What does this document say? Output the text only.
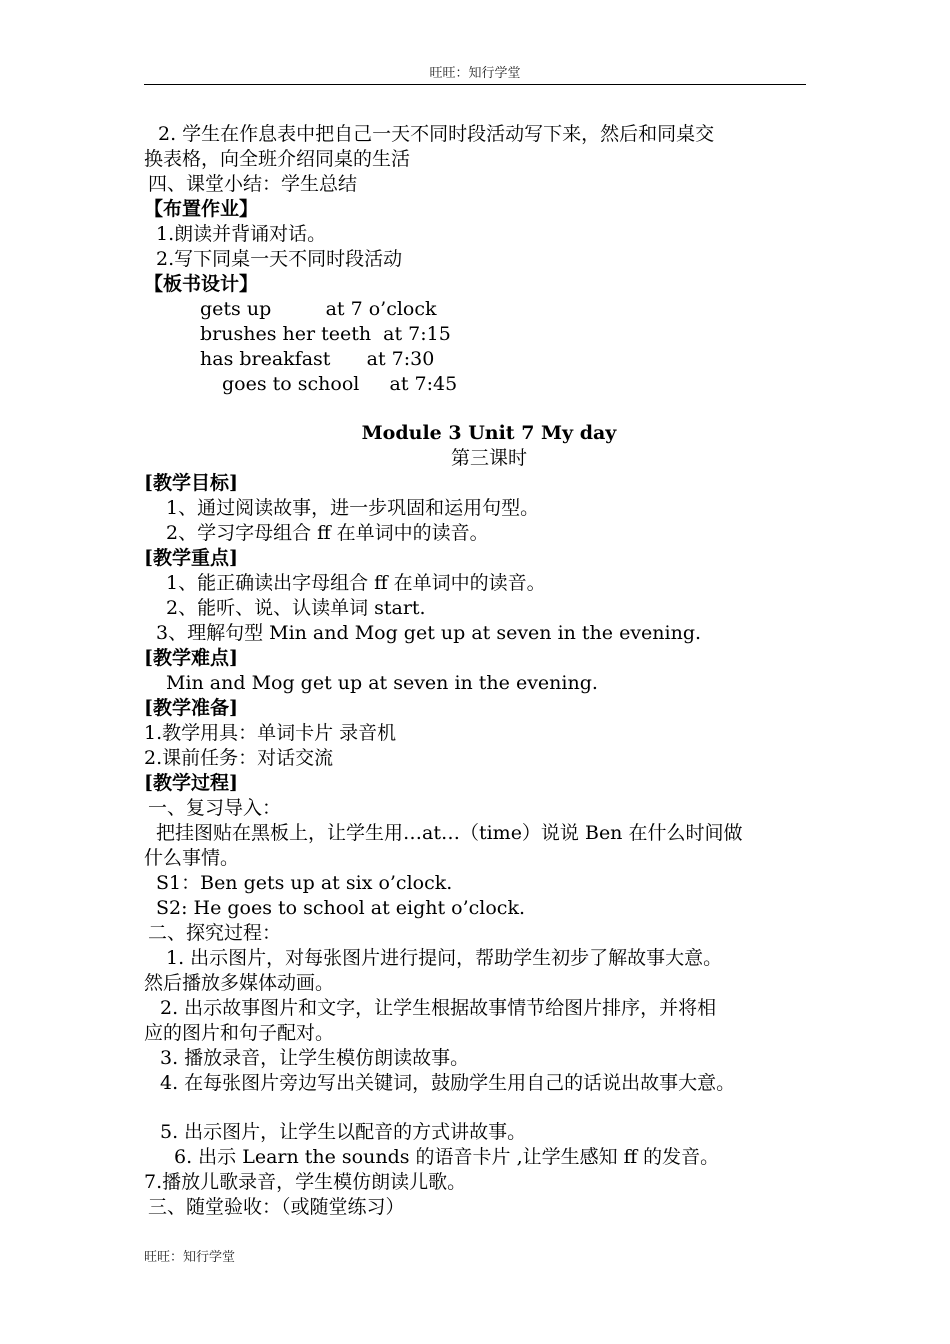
旺旺：知行学堂
2. 学生在作息表中把自己一天不同时段活动写下来，然后和同桌交
换表格，向全班介绍同桌的生活
四、课堂小结：学生总结
【布置作业】
1.朗读并背诵对话。
2.写下同桌一天不同时段活动
【板书设计】
gets up         at 7 o’clock
brushes her teeth  at 7:15
has breakfast      at 7:30
goes to school     at 7:45
Module 3 Unit 7 My day
第三课时
[教学目标]
1、通过阅读故事，进一步巩固和运用句型。
2、学习字母组合 ff 在单词中的读音。
[教学重点]
1、能正确读出字母组合 ff 在单词中的读音。
2、能听、说、认读单词 start.
3、理解句型 Min and Mog get up at seven in the evening.
[教学难点]
Min and Mog get up at seven in the evening.
[教学准备]
1.教学用具：单词卡片 录音机
2.课前任务：对话交流
[教学过程]
一、复习导入：
把挂图贴在黑板上，让学生用…at…（time）说说 Ben 在什么时间做
什么事情。
S1：Ben gets up at six o’clock.
S2: He goes to school at eight o’clock.
二、探究过程：
1. 出示图片，对每张图片进行提问，帮助学生初步了解故事大意。
然后播放多媒体动画。
2. 出示故事图片和文字，让学生根据故事情节给图片排序，并将相
应的图片和句子配对。
3. 播放录音，让学生模仿朗读故事。
4. 在每张图片旁边写出关键词，鼓励学生用自己的话说出故事大意。
5. 出示图片，让学生以配音的方式讲故事。
6. 出示 Learn the sounds 的语音卡片 ,让学生感知 ff 的发音。
7.播放儿歌录音，学生模仿朗读儿歌。
三、随堂验收：（或随堂练习）
旺旺：知行学堂
